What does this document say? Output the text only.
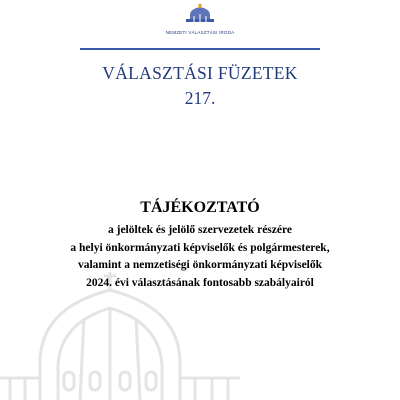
NEMZETI VÁLASZTÁSI IRODA
VÁLASZTÁSI FÜZETEK
217.
TÁJÉKOZTATÓ
a jelöltek és jelölő szervezetek részére
a helyi önkormányzati képviselők és polgármesterek,
valamint a nemzetiségi önkormányzati képviselők
2024. évi választásának fontosabb szabályairól
